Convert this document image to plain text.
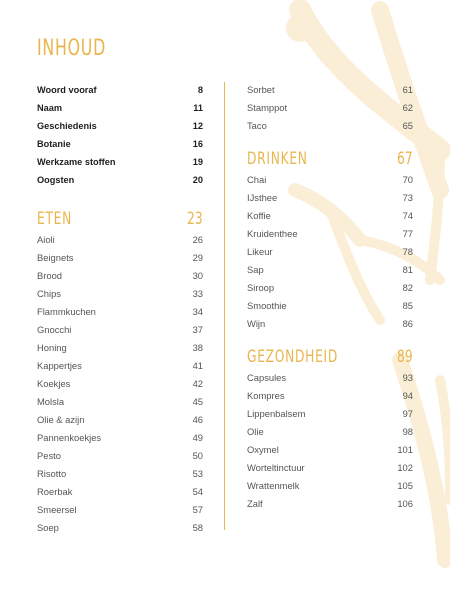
INHOUD
Woord vooraf	8
Naam	11
Geschiedenis	12
Botanie	16
Werkzame stoffen	19
Oogsten	20
ETEN	23
Aioli	26
Beignets	29
Brood	30
Chips	33
Flammkuchen	34
Gnocchi	37
Honing	38
Kappertjes	41
Koekjes	42
Molsla	45
Olie & azijn	46
Pannenkoekjes	49
Pesto	50
Risotto	53
Roerbak	54
Smeersel	57
Soep	58
Sorbet	61
Stamppot	62
Taco	65
DRINKEN	67
Chai	70
IJsthee	73
Koffie	74
Kruidenthee	77
Likeur	78
Sap	81
Siroop	82
Smoothie	85
Wijn	86
GEZONDHEID	89
Capsules	93
Kompres	94
Lippenbalsem	97
Olie	98
Oxymel	101
Worteltinctuur	102
Wrattenmelk	105
Zalf	106
